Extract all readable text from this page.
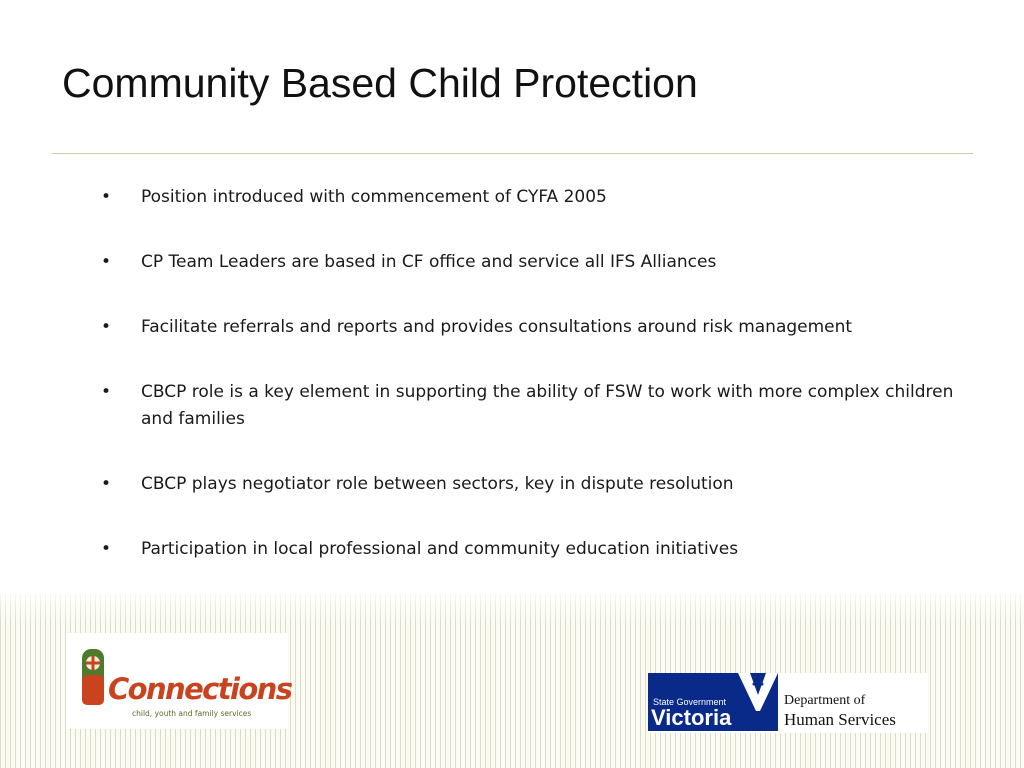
Community Based Child Protection
• Position introduced with commencement of CYFA 2005
• CP Team Leaders are based in CF office and service all IFS Alliances
• Facilitate referrals and reports and provides consultations around risk management
• CBCP role is a key element in supporting the ability of FSW to work with more complex children and families
• CBCP plays negotiator role between sectors, key in dispute resolution
• Participation in local professional and community education initiatives
Connections
child, youth and family services
State Government
Victoria
Department of
Human Services
